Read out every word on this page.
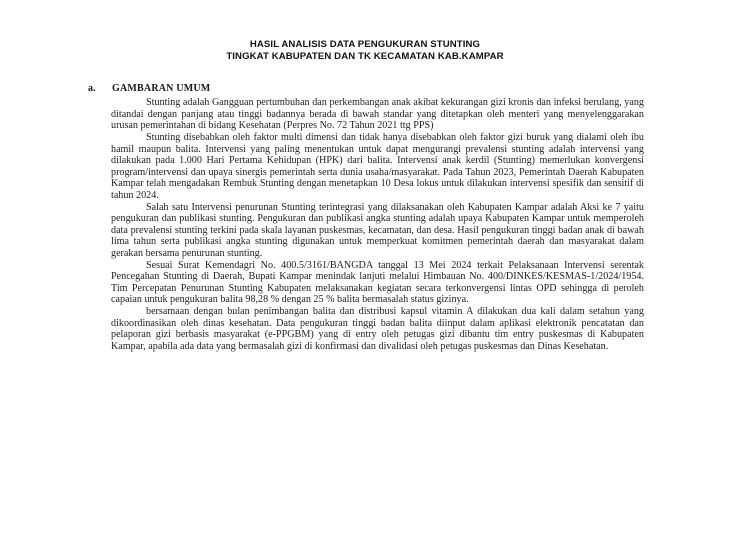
HASIL ANALISIS DATA PENGUKURAN STUNTING
TINGKAT KABUPATEN DAN TK KECAMATAN KAB.KAMPAR
a. GAMBARAN UMUM

Stunting adalah Gangguan pertumbuhan dan perkembangan anak akibat kekurangan gizi kronis dan infeksi berulang, yang ditandai dengan panjang atau tinggi badannya berada di bawah standar yang ditetapkan oleh menteri yang menyelenggarakan urusan pemerintahan di bidang Kesehatan (Perpres No. 72 Tahun 2021 ttg PPS)

Stunting disebabkan oleh faktor multi dimensi dan tidak hanya disebabkan oleh faktor gizi buruk yang dialami oleh ibu hamil maupun balita. Intervensi yang paling menentukan untuk dapat mengurangi prevalensi stunting adalah intervensi yang dilakukan pada 1.000 Hari Pertama Kehidupan (HPK) dari balita. Intervensi anak kerdil (Stunting) memerlukan konvergensi program/intervensi dan upaya sinergis pemerintah serta dunia usaha/masyarakat. Pada Tahun 2023, Pemerintah Daerah Kabupaten Kampar telah mengadakan Rembuk Stunting dengan menetapkan 10 Desa lokus untuk dilakukan intervensi spesifik dan sensitif di tahun 2024.

Salah satu Intervensi penurunan Stunting terintegrasi yang dilaksanakan oleh Kabupaten Kampar adalah Aksi ke 7 yaitu pengukuran dan publikasi stunting. Pengukuran dan publikasi angka stunting adalah upaya Kabupaten Kampar untuk memperoleh data prevalensi stunting terkini pada skala layanan puskesmas, kecamatan, dan desa. Hasil pengukuran tinggi badan anak di bawah lima tahun serta publikasi angka stunting digunakan untuk memperkuat komitmen pemerintah daerah dan masyarakat dalam gerakan bersama penurunan stunting.

Sesuai Surat Kemendagri No. 400.5/3161/BANGDA tanggal 13 Mei 2024 terkait Pelaksanaan Intervensi serentak Pencegahan Stunting di Daerah, Bupati Kampar menindak lanjuti melalui Himbauan No. 400/DINKES/KESMAS-1/2024/1954. Tim Percepatan Penurunan Stunting Kabupaten melaksanakan kegiatan secara terkonvergensi lintas OPD sehingga di peroleh capaian untuk pengukuran balita 98,28 % dengan 25 % balita bermasalah status gizinya.

bersamaan dengan bulan penimbangan balita dan distribusi kapsul vitamin A dilakukan dua kali dalam setahun yang dikoordinasikan oleh dinas kesehatan. Data pengukuran tinggi badan balita diinput dalam aplikasi elektronik pencatatan dan pelaporan gizi berbasis masyarakat (e-PPGBM) yang di entry oleh petugas gizi dibantu tim entry puskesmas di Kabupaten Kampar, apabila ada data yang bermasalah gizi di konfirmasi dan divalidasi oleh petugas puskesmas dan Dinas Kesehatan.
